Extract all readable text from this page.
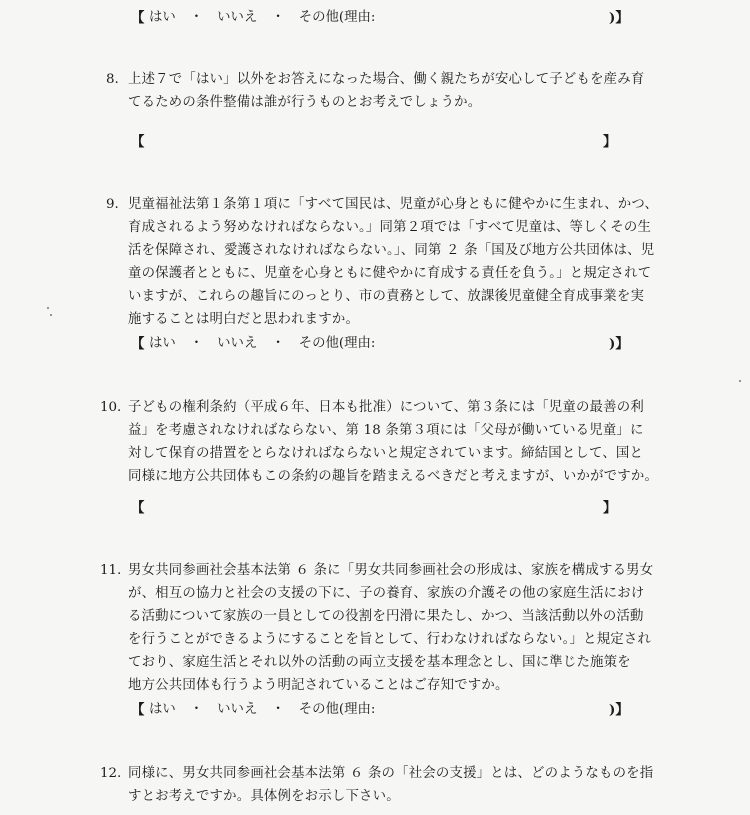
【 はい ・ いいえ ・ その他(理由:	)】
8. 上述７で「はい」以外をお答えになった場合、働く親たちが安心して子どもを産み育
てるための条件整備は誰が行うものとお考えでしょうか。
【	】
9. 児童福祉法第１条第１項に「すべて国民は、児童が心身ともに健やかに生まれ、かつ、
育成されるよう努めなければならない。」同第２項では「すべて児童は、等しくその生
活を保障され、愛護されなければならない。」、同第 ２ 条「国及び地方公共団体は、児
童の保護者とともに、児童を心身ともに健やかに育成する責任を負う。」と規定されて
いますが、これらの趣旨にのっとり、市の責務として、放課後児童健全育成事業を実
施することは明白だと思われますか。
【 はい ・ いいえ ・ その他(理由:	)】
10. 子どもの権利条約（平成６年、日本も批准）について、第３条には「児童の最善の利
益」を考慮されなければならない、第 18 条第３項には「父母が働いている児童」に
対して保育の措置をとらなければならないと規定されています。締結国として、国と
同様に地方公共団体もこの条約の趣旨を踏まえるべきだと考えますが、いかがですか。
【	】
11. 男女共同参画社会基本法第 ６ 条に「男女共同参画社会の形成は、家族を構成する男女
が、相互の協力と社会の支援の下に、子の養育、家族の介護その他の家庭生活におけ
る活動について家族の一員としての役割を円滑に果たし、かつ、当該活動以外の活動
を行うことができるようにすることを旨として、行わなければならない。」と規定され
ており、家庭生活とそれ以外の活動の両立支援を基本理念とし、国に準じた施策を
地方公共団体も行うよう明記されていることはご存知ですか。
【 はい ・ いいえ ・ その他(理由:	)】
12. 同様に、男女共同参画社会基本法第 ６ 条の「社会の支援」とは、どのようなものを指
すとお考えですか。具体例をお示し下さい。
